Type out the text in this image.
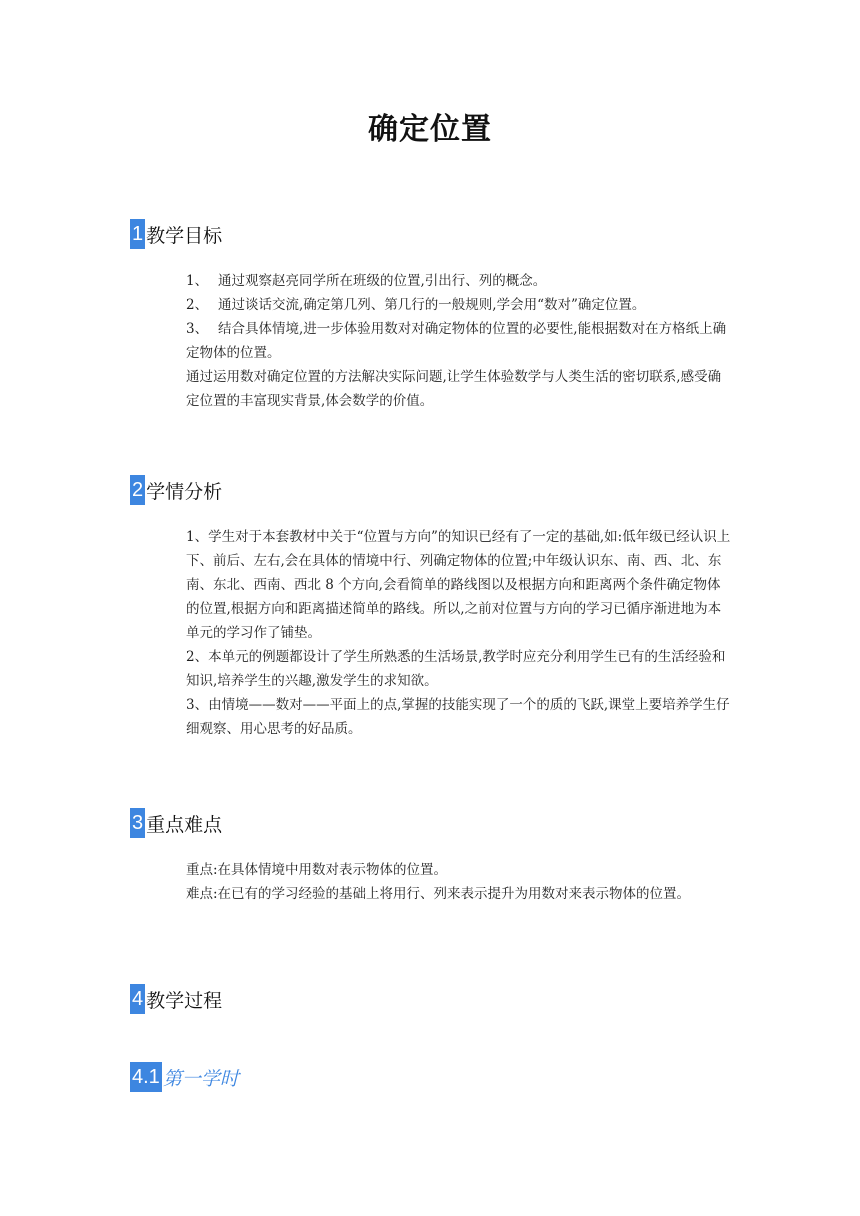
确定位置
1 教学目标
1、 通过观察赵亮同学所在班级的位置,引出行、列的概念。
2、 通过谈话交流,确定第几列、第几行的一般规则,学会用“数对”确定位置。

3、 结合具体情境,进一步体验用数对对确定物体的位置的必要性,能根据数对在方格纸上确定物体的位置。

通过运用数对确定位置的方法解决实际问题,让学生体验数学与人类生活的密切联系,感受确定位置的丰富现实背景,体会数学的价值。

2 学情分析

1、学生对于本套教材中关于“位置与方向”的知识已经有了一定的基础,如:低年级已经认识上下、前后、左右,会在具体的情境中行、列确定物体的位置;中年级认识东、南、西、北、东南、东北、西南、西北 8 个方向,会看简单的路线图以及根据方向和距离两个条件确定物体的位置,根据方向和距离描述简单的路线。所以,之前对位置与方向的学习已循序渐进地为本单元的学习作了铺垫。

2、本单元的例题都设计了学生所熟悉的生活场景,教学时应充分利用学生已有的生活经验和知识,培养学生的兴趣,激发学生的求知欲。

3、由情境——数对——平面上的点,掌握的技能实现了一个的质的飞跃,课堂上要培养学生仔细观察、用心思考的好品质。

3 重点难点

重点:在具体情境中用数对表示物体的位置。

难点:在已有的学习经验的基础上将用行、列来表示提升为用数对来表示物体的位置。

4 教学过程
4.1 第一学时
